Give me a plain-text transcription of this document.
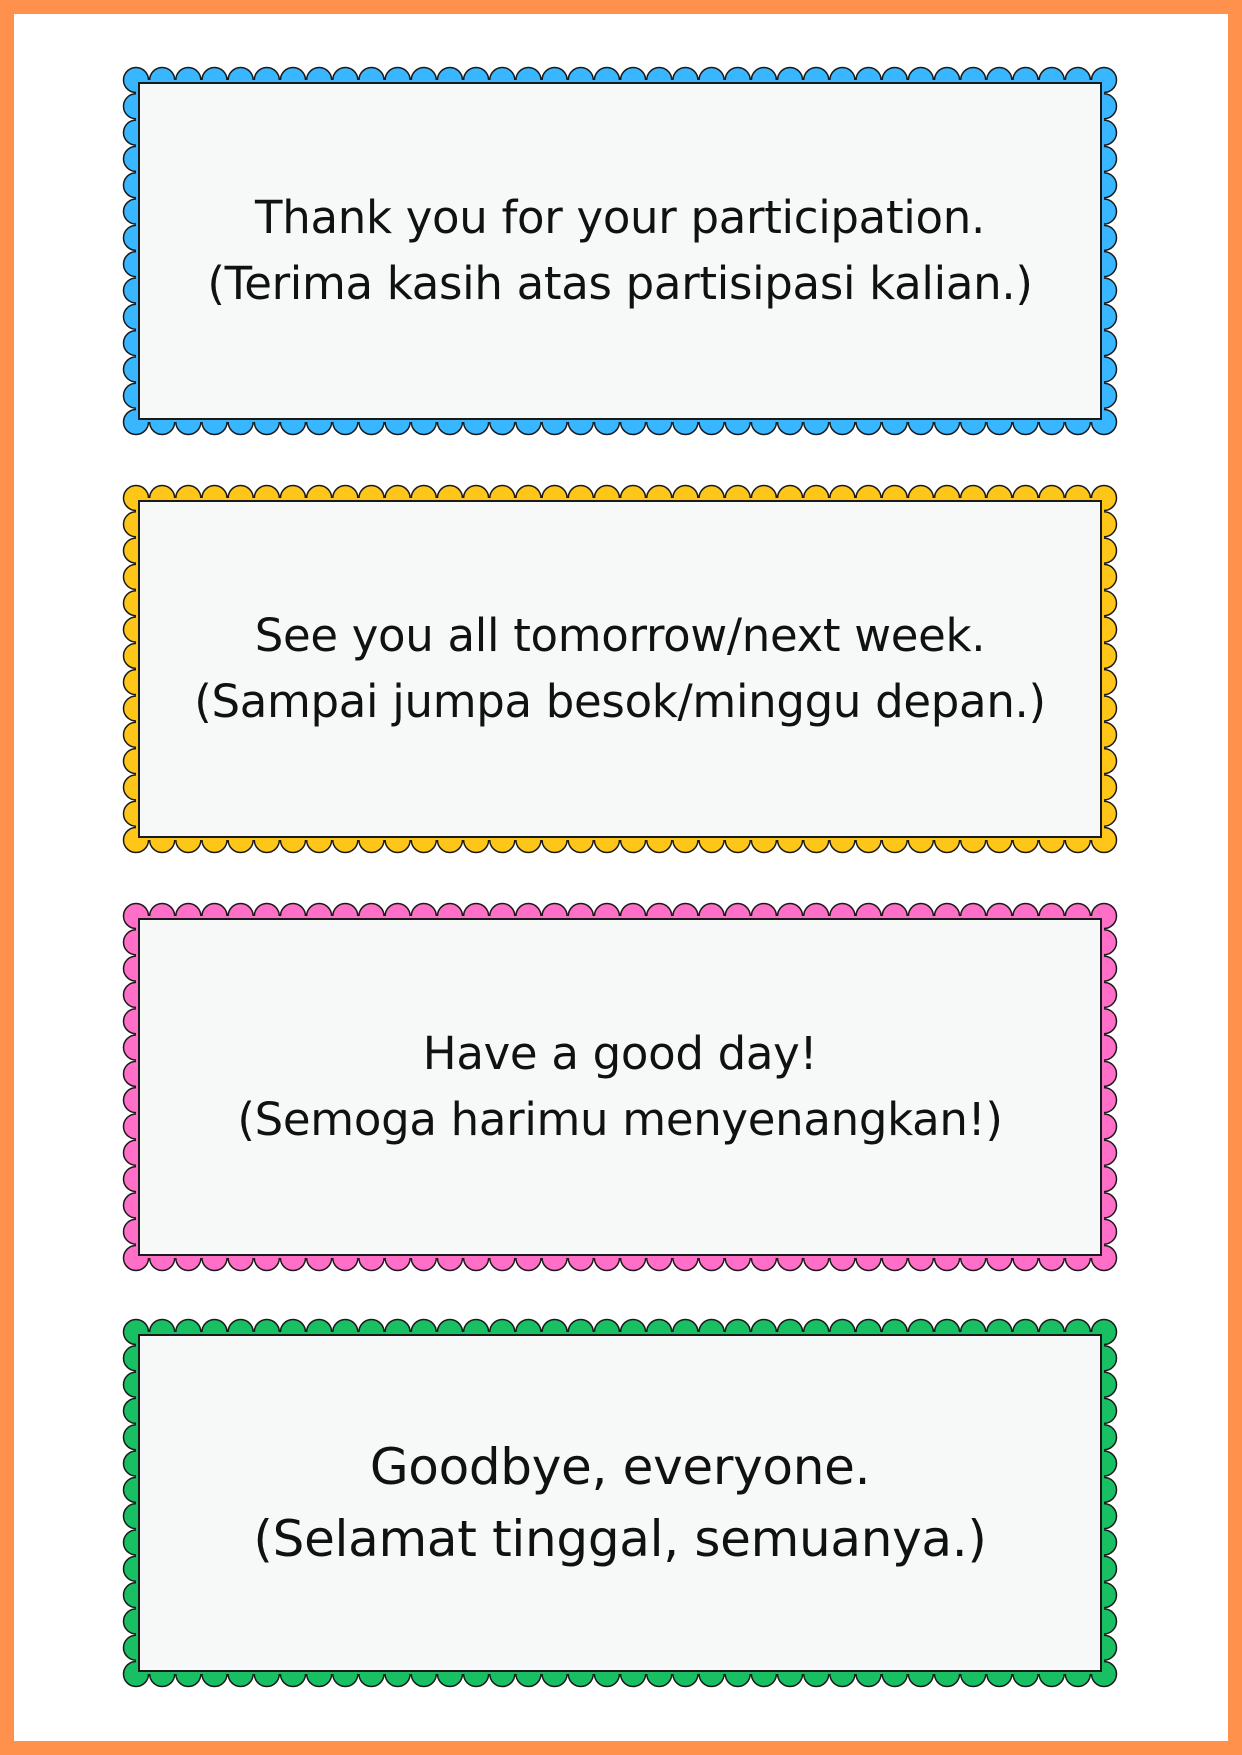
Thank you for your participation.
(Terima kasih atas partisipasi kalian.)
See you all tomorrow/next week.
(Sampai jumpa besok/minggu depan.)
Have a good day!
(Semoga harimu menyenangkan!)
Goodbye, everyone.
(Selamat tinggal, semuanya.)
